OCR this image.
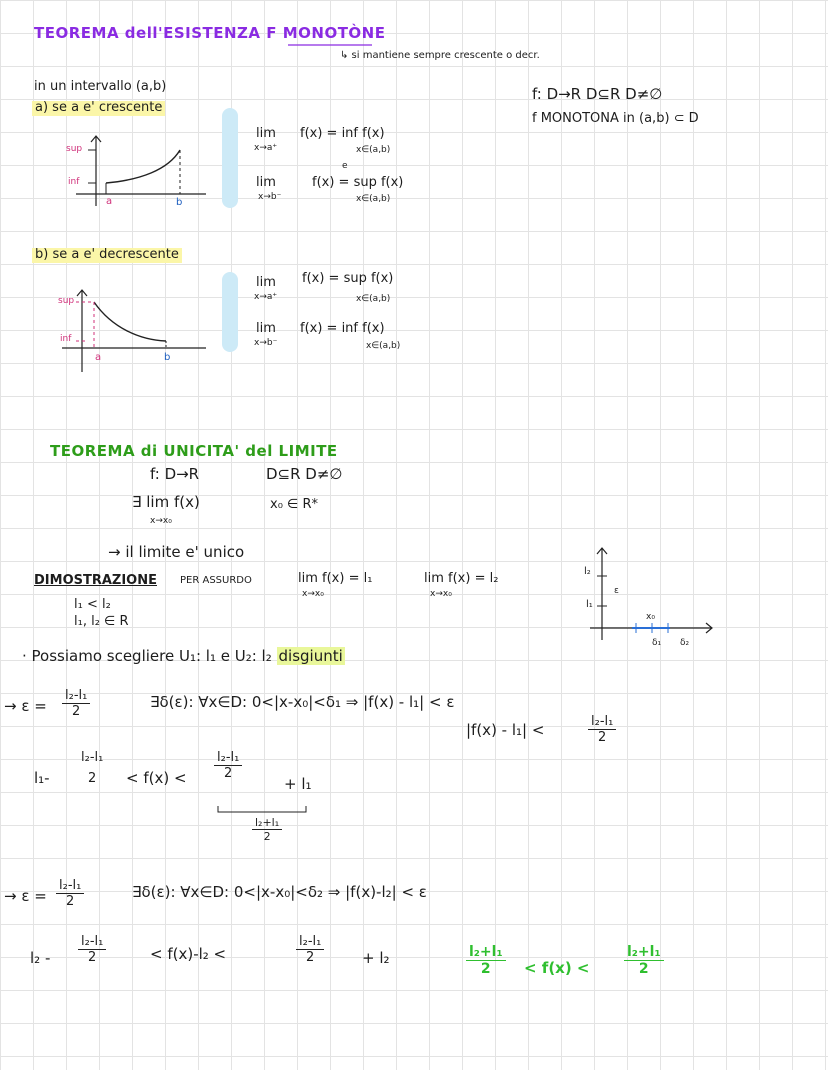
TEOREMA dell'ESISTENZA F MONOTÒNE
↳ si mantiene sempre crescente o decr.
f: D→R D⊆R D≠∅
f MONOTONA in (a,b) ⊂ D
in un intervallo (a,b)
a) se a e' crescente
sup
inf
a	b
lim
x→a⁺
f(x) = inf f(x)
x∈(a,b)
e
lim
x→b⁻
f(x) = sup f(x)
x∈(a,b)
b) se a e' decrescente
sup
inf
a	b
lim
x→a⁺
f(x) = sup f(x)
x∈(a,b)
lim
x→b⁻
f(x) = inf f(x)
x∈(a,b)
TEOREMA di UNICITA' del LIMITE
f: D→R	D⊆R D≠∅
∃ lim f(x)
x→x₀
x₀ ∈ R*
→ il limite e' unico
DIMOSTRAZIONE PER ASSURDO	lim f(x) = l₁
x→x₀
lim f(x) = l₂
x→x₀
l₁ < l₂
l₁, l₂ ∈ R
· Possiamo scegliere U₁: l₁ e U₂: l₂ disgiunti
l₂
ε
l₁
x₀
δ₁ δ₂
→ $\varepsilon = \frac{\text{l₂-l₁}}{2}$	∃δ(ε): ∀x∈D: 0<|x-x₀|<δ₁ ⇒ |f(x) - l₁| < ε
|f(x) - l₁| <	$\frac{\text{l₂-l₁}}{2}$
l₁-
l₂-l₁
$2 < f(x) < \frac{\text{l₂-l₁}}{2}$
+ l₁
$\frac{\text{l₂+l₁}}{2}$
→ $\varepsilon = \frac{\text{l₂-l₁}}{2}$	∃δ(ε): ∀x∈D: 0<|x-x₀|<δ₂ ⇒ |f(x)-l₂| < ε
$l_2 - \frac{\text{l₂-l₁}}{2}$	< f(x)-l₂ <	$\frac{\text{l₂-l₁}}{2}$	+ l₂	$\frac{\text{l₂+l₁}}{2} < f(x) < \frac{\text{l₂+l₁}}{2}$
